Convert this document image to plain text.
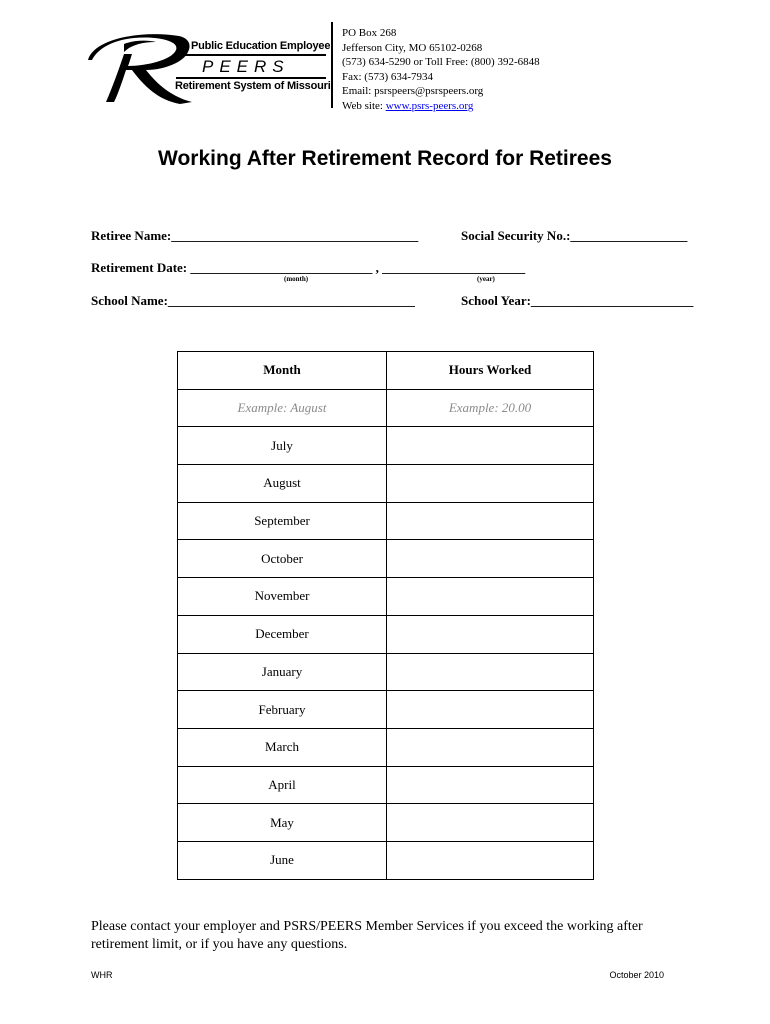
Public Education Employee
PEERS
Retirement System of Missouri
PO Box 268
Jefferson City, MO 65102-0268
(573) 634-5290 or Toll Free: (800) 392-6848
Fax: (573) 634-7934
Email: psrspeers@psrspeers.org
Web site: www.psrs-peers.org
Working After Retirement Record for Retirees
Retiree Name:______________________________________	Social Security No.:__________________
Retirement Date: ____________________________ , ______________________
(month)	(year)
School Name:______________________________________	School Year:_________________________
Month	Hours Worked
Example: August	Example: 20.00
July	
August	
September	
October	
November	
December	
January	
February	
March	
April	
May	
June	
Please contact your employer and PSRS/PEERS Member Services if you exceed the working after retirement limit, or if you have any questions.
WHR	October 2010
